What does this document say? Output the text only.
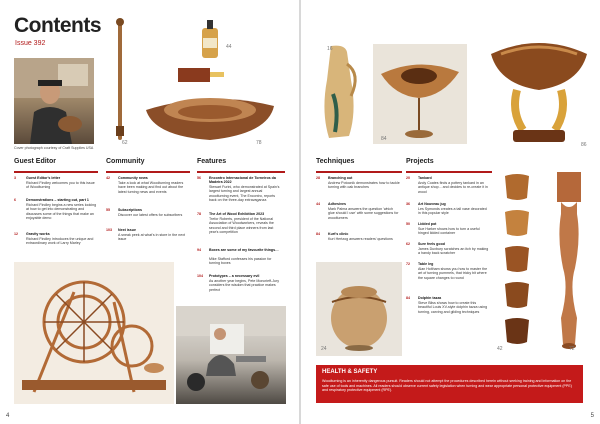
Contents
Issue 392
Cover photograph courtesy of Craft Supplies USA
62
44
78
Guest Editor	Community	Features
3	Guest Editor's letter
Richard Findley welcomes you to this issue of Woodturning
6	Demonstrations – starting out, part 1
Richard Findley begins a new series looking at how to get into demonstrating and discusses some of the things that make an enjoyable demo
12	Gravity works
Richard Findley introduces the unique and extraordinary work of Larry Marley
42	Community news
Take a look at what Woodturning readers have been making and find out about the latest turning news and events
55	Subscriptions
Discover our latest offers for subscribers
103	Next issue
A sneak peek at what's in store in the next issue
56	Encontro Internacional de Torneiros da Madeira 2022
Stewart Furini, who demonstrated at Spain's largest turning and largest annual woodturning event, The Encontro, reports back on the three-day extravaganza
78	The Art of Wood Exhibition 2023
Trefor Roberts, president of the National Association of Woodworkers, reveals the second and third place winners from last year's competition
94	Boxes are some of my favourite things…
Mike Stafford confesses his passion for turning boxes
104	Prototypes – a necessary evil
As another year begins, Pete Moncrieff-Jury considers the wisdom that practice makes perfect
4
16
84
86
Techniques	Projects
28	Branching out
Andrew Potocnik demonstrates how to tackle turning with oak branches
44	Adhesives
Mark Palma answers the question 'which glue should I use' with some suggestions for woodturners
84	Kurt's clinic
Kurt Hertzog answers readers' questions
24
20	Tankard
Andy Coates finds a pottery tankard in an antique shop... and decides to re-create it in wood
36	Art Nouveau jug
Les Symonds creates a tall vase decorated in this popular style
50	Lidded pot
Sue Harker shows how to turn a useful hinged lidded container
62	Sure feels good
James Duxbury scratches an itch by making a handy back scratcher
72	Table leg
Alan Holtham shows you how to master the art of turning pummels, that tricky bit where the square changes to round
84	Dolphin tazza
Steve Bliss shows how to create this beautiful Louis XV-style dolphin tazza using turning, carving and gilding techniques
42	72
5
HEALTH & SAFETY
Woodturning is an inherently dangerous pursuit. Readers should not attempt the procedures described herein without seeking training and information on the safe use of tools and machines. All readers should observe current safety legislation when turning and wear appropriate personal protective equipment (PPE) and respiratory protective equipment (RPE).
